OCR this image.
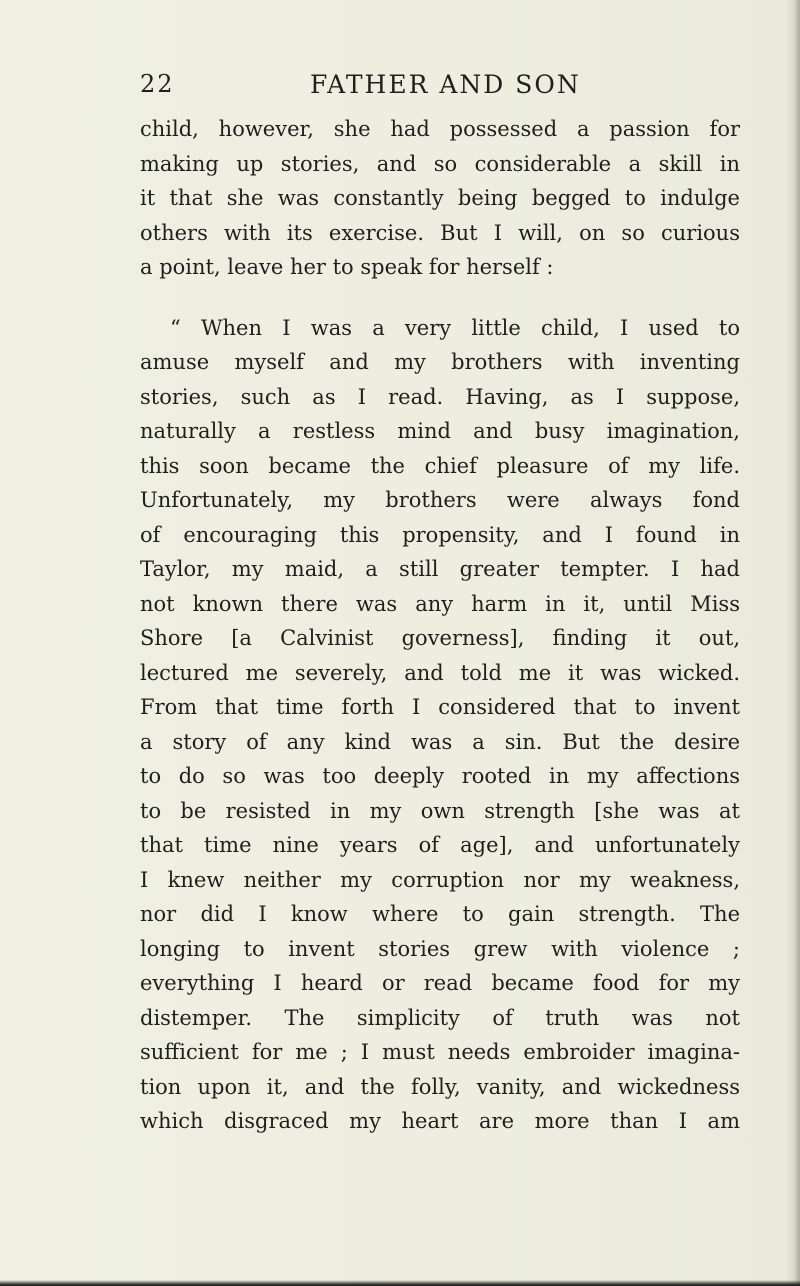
22	FATHER AND SON
child, however, she had possessed a passion for
making up stories, and so considerable a skill in
it that she was constantly being begged to indulge
others with its exercise. But I will, on so curious
a point, leave her to speak for herself :
“ When I was a very little child, I used to
amuse myself and my brothers with inventing
stories, such as I read. Having, as I suppose,
naturally a restless mind and busy imagination,
this soon became the chief pleasure of my life.
Unfortunately, my brothers were always fond
of encouraging this propensity, and I found in
Taylor, my maid, a still greater tempter. I had
not known there was any harm in it, until Miss
Shore [a Calvinist governess], finding it out,
lectured me severely, and told me it was wicked.
From that time forth I considered that to invent
a story of any kind was a sin. But the desire
to do so was too deeply rooted in my affections
to be resisted in my own strength [she was at
that time nine years of age], and unfortunately
I knew neither my corruption nor my weakness,
nor did I know where to gain strength. The
longing to invent stories grew with violence ;
everything I heard or read became food for my
distemper. The simplicity of truth was not
sufficient for me ; I must needs embroider imagina-
tion upon it, and the folly, vanity, and wickedness
which disgraced my heart are more than I am
